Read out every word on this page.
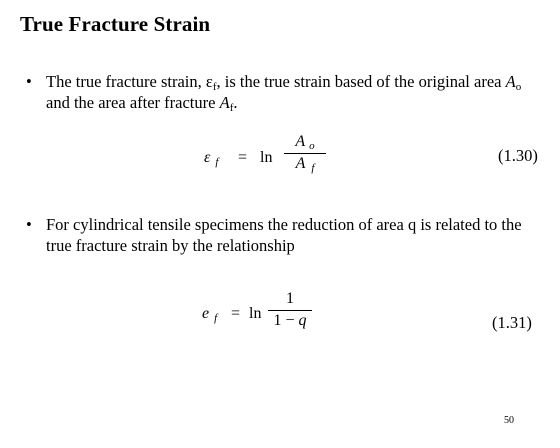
True Fracture Strain
• The true fracture strain, $\varepsilon_f$, is the true strain based of the original area $A_o$ and the area after fracture $A_f$.
ε $_f$ = ln
A $_o$
A $_f$
(1.30)
• For cylindrical tensile specimens the reduction of area q is related to the true fracture strain by the relationship
e $_f$ = ln
1
1 − q	(1.31)
50
